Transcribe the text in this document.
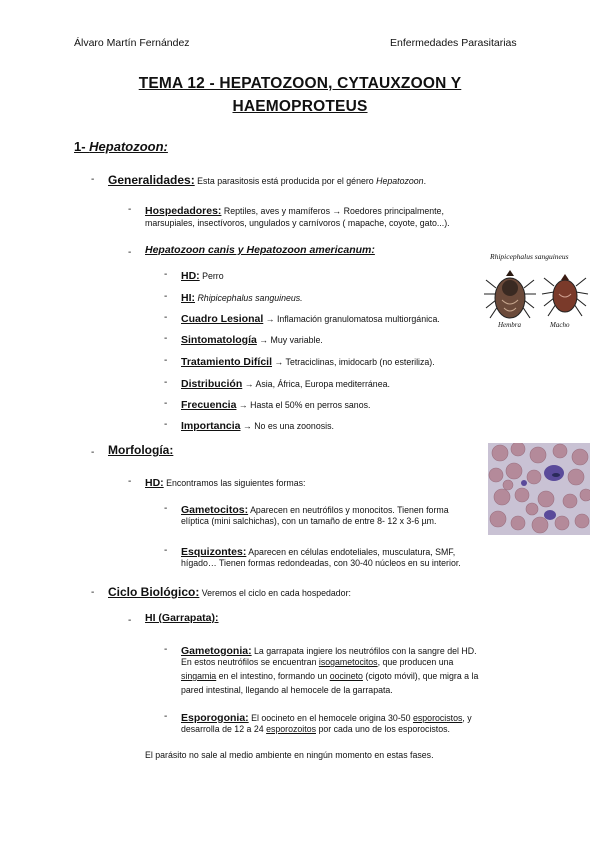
Álvaro Martín Fernández	Enfermedades Parasitarias
TEMA 12 - HEPATOZOON, CYTAUXZOON Y
HAEMOPROTEUS
1- Hepatozoon:
- Generalidades: Esta parasitosis está producida por el género Hepatozoon.
- Hospedadores: Reptiles, aves y mamíferos → Roedores principalmente,
marsupiales, insectívoros, ungulados y carnívoros ( mapache, coyote, gato...).
- Hepatozoon canis y Hepatozoon americanum:
- HD: Perro
- HI: Rhipicephalus sanguineus.
- Cuadro Lesional → Inflamación granulomatosa multiorgánica.
- Sintomatología → Muy variable.
- Tratamiento Difícil → Tetraciclinas, imidocarb (no esteriliza).
- Distribución → Asia, África, Europa mediterránea.
- Frecuencia → Hasta el 50% en perros sanos.
- Importancia → No es una zoonosis.
Rhipicephalus sanguineus
Hembra	Macho
- Morfología:
- HD: Encontramos las siguientes formas:
- Gametocitos: Aparecen en neutrófilos y monocitos. Tienen forma
elíptica (mini salchichas), con un tamaño de entre 8- 12 x 3-6 µm.
- Esquizontes: Aparecen en células endoteliales, musculatura, SMF,
hígado… Tienen formas redondeadas, con 30-40 núcleos en su interior.
- Ciclo Biológico: Veremos el ciclo en cada hospedador:
- HI (Garrapata):
- Gametogonia: La garrapata ingiere los neutrófilos con la sangre del HD.
En estos neutrófilos se encuentran isogametocitos, que producen una
singamia en el intestino, formando un oocineto (cigoto móvil), que migra a la
pared intestinal, llegando al hemocele de la garrapata.
- Esporogonia: El oocineto en el hemocele origina 30-50 esporocistos, y
desarrolla de 12 a 24 esporozoitos por cada uno de los esporocistos.
El parásito no sale al medio ambiente en ningún momento en estas fases.
